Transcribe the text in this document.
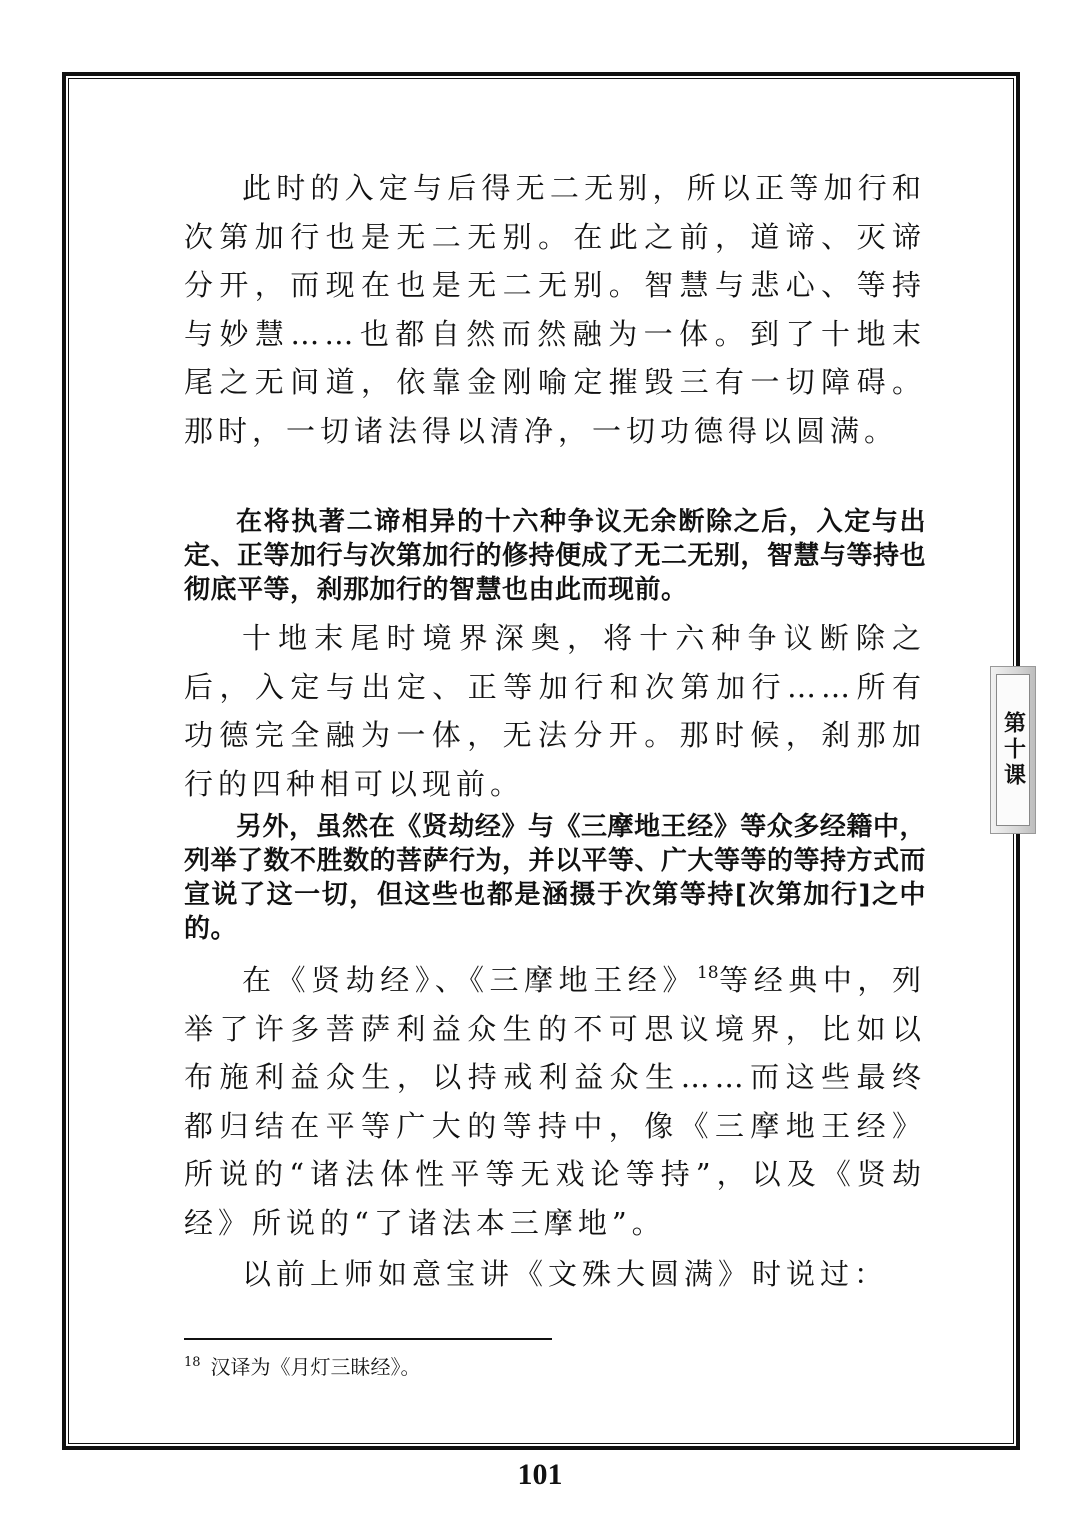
此时的入定与后得无二无别，所以正等加行和次第加行也是无二无别。在此之前，道谛、灭谛分开，而现在也是无二无别。智慧与悲心、等持与妙慧……也都自然而然融为一体。到了十地末尾之无间道，依靠金刚喻定摧毁三有一切障碍。那时，一切诸法得以清净，一切功德得以圆满。

在将执著二谛相异的十六种争议无余断除之后，入定与出定、正等加行与次第加行的修持便成了无二无别，智慧与等持也彻底平等，刹那加行的智慧也由此而现前。

十地末尾时境界深奥，将十六种争议断除之后，入定与出定、正等加行和次第加行……所有功德完全融为一体，无法分开。那时候，刹那加行的四种相可以现前。

另外，虽然在《贤劫经》与《三摩地王经》等众多经籍中，列举了数不胜数的菩萨行为，并以平等、广大等等的等持方式而宣说了这一切，但这些也都是涵摄于次第等持[次第加行]之中的。

在《贤劫经》、《三摩地王经》$^{18}$等经典中，列举了许多菩萨利益众生的不可思议境界，比如以布施利益众生，以持戒利益众生……而这些最终都归结在平等广大的等持中，像《三摩地王经》所说的“诸法体性平等无戏论等持”，以及《贤劫经》所说的“了诸法本三摩地”。

以前上师如意宝讲《文殊大圆满》时说过：

$^{18}$ 汉译为《月灯三昧经》。
101
第十课
